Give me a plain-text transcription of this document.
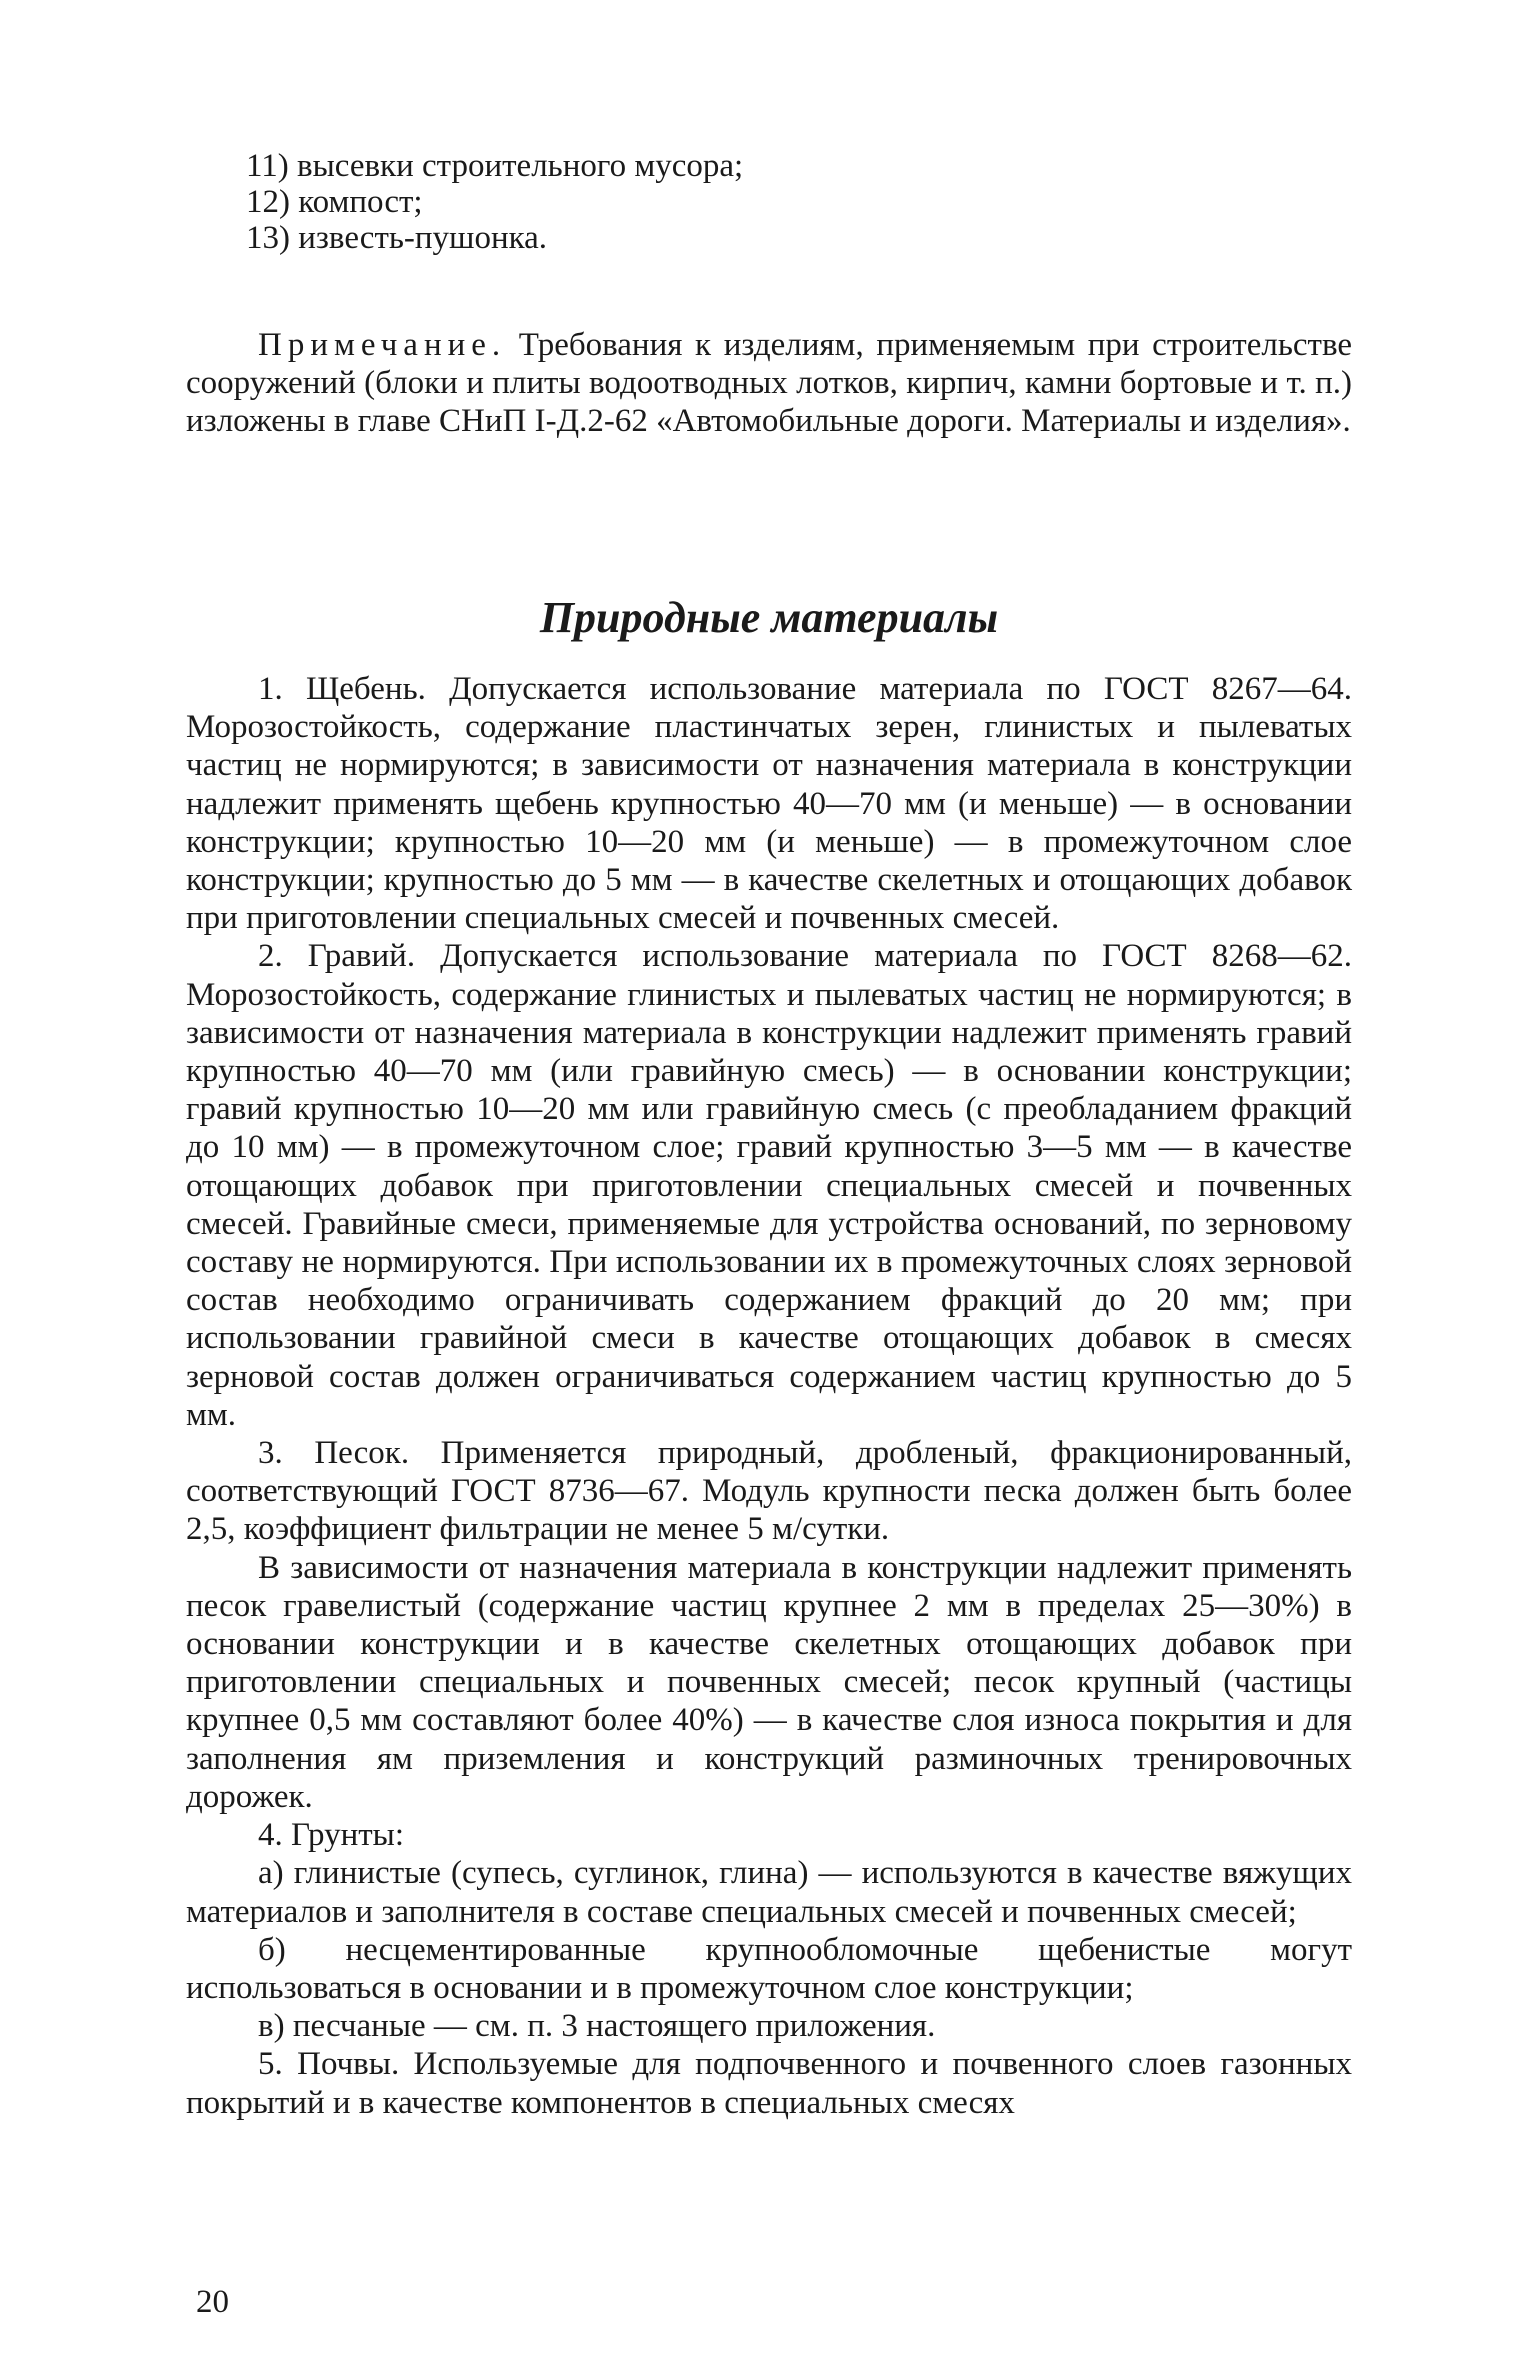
11) высевки строительного мусора;

12) компост;

13) известь-пушонка.

Примечание. Требования к изделиям, применяемым при строительстве сооружений (блоки и плиты водоотводных лотков, кирпич, камни бортовые и т. п.) изложены в главе СНиП I-Д.2-62 «Автомобильные дороги. Материалы и изделия».

Природные материалы

1. Щебень. Допускается использование материала по ГОСТ 8267—64. Морозостойкость, содержание пластинчатых зерен, глинистых и пылеватых частиц не нормируются; в зависимости от назначения материала в конструкции надлежит применять щебень крупностью 40—70 мм (и меньше) — в основании конструкции; крупностью 10—20 мм (и меньше) — в промежуточном слое конструкции; крупностью до 5 мм — в качестве скелетных и отощающих добавок при приготовлении специальных смесей и почвенных смесей.

2. Гравий. Допускается использование материала по ГОСТ 8268—62. Морозостойкость, содержание глинистых и пылеватых частиц не нормируются; в зависимости от назначения материала в конструкции надлежит применять гравий крупностью 40—70 мм (или гравийную смесь) — в основании конструкции; гравий крупностью 10—20 мм или гравийную смесь (с преобладанием фракций до 10 мм) — в промежуточном слое; гравий крупностью 3—5 мм — в качестве отощающих добавок при приготовлении специальных смесей и почвенных смесей. Гравийные смеси, применяемые для устройства оснований, по зерновому составу не нормируются. При использовании их в промежуточных слоях зерновой состав необходимо ограничивать содержанием фракций до 20 мм; при использовании гравийной смеси в качестве отощающих добавок в смесях зерновой состав должен ограничиваться содержанием частиц крупностью до 5 мм.

3. Песок. Применяется природный, дробленый, фракционированный, соответствующий ГОСТ 8736—67. Модуль крупности песка должен быть более 2,5, коэффициент фильтрации не менее 5 м/сутки.

В зависимости от назначения материала в конструкции надлежит применять песок гравелистый (содержание частиц крупнее 2 мм в пределах 25—30%) в основании конструкции и в качестве скелетных отощающих добавок при приготовлении специальных и почвенных смесей; песок крупный (частицы крупнее 0,5 мм составляют более 40%) — в качестве слоя износа покрытия и для заполнения ям приземления и конструкций разминочных тренировочных дорожек.

4. Грунты:

а) глинистые (супесь, суглинок, глина) — используются в качестве вяжущих материалов и заполнителя в составе специальных смесей и почвенных смесей;

б) несцементированные крупнообломочные щебенистые могут использоваться в основании и в промежуточном слое конструкции;

в) песчаные — см. п. 3 настоящего приложения.

5. Почвы. Используемые для подпочвенного и почвенного слоев газонных покрытий и в качестве компонентов в специальных смесях

20
